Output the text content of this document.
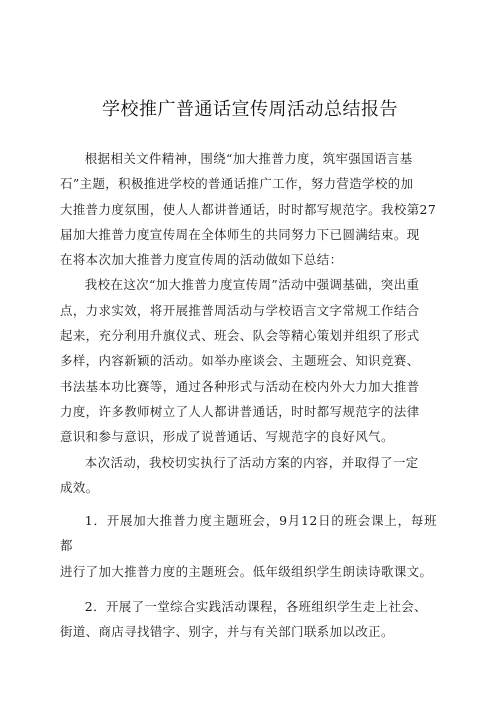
学校推广普通话宣传周活动总结报告

根据相关文件精神，围绕“加大推普力度，筑牢强国语言基
石”主题，积极推进学校的普通话推广工作，努力营造学校的加
大推普力度氛围，使人人都讲普通话，时时都写规范字。我校第27
届加大推普力度宣传周在全体师生的共同努力下已圆满结束。现
在将本次加大推普力度宣传周的活动做如下总结：

我校在这次“加大推普力度宣传周”活动中强调基础，突出重
点，力求实效，将开展推普周活动与学校语言文字常规工作结合
起来，充分利用升旗仪式、班会、队会等精心策划并组织了形式
多样，内容新颖的活动。如举办座谈会、主题班会、知识竞赛、
书法基本功比赛等，通过各种形式与活动在校内外大力加大推普
力度，许多教师树立了人人都讲普通话，时时都写规范字的法律
意识和参与意识，形成了说普通话、写规范字的良好风气。

本次活动，我校切实执行了活动方案的内容，并取得了一定
成效。

1．开展加大推普力度主题班会，9月12日的班会课上，每班都
进行了加大推普力度的主题班会。低年级组织学生朗读诗歌课文。

2．开展了一堂综合实践活动课程，各班组织学生走上社会、
街道、商店寻找错字、别字，并与有关部门联系加以改正。
